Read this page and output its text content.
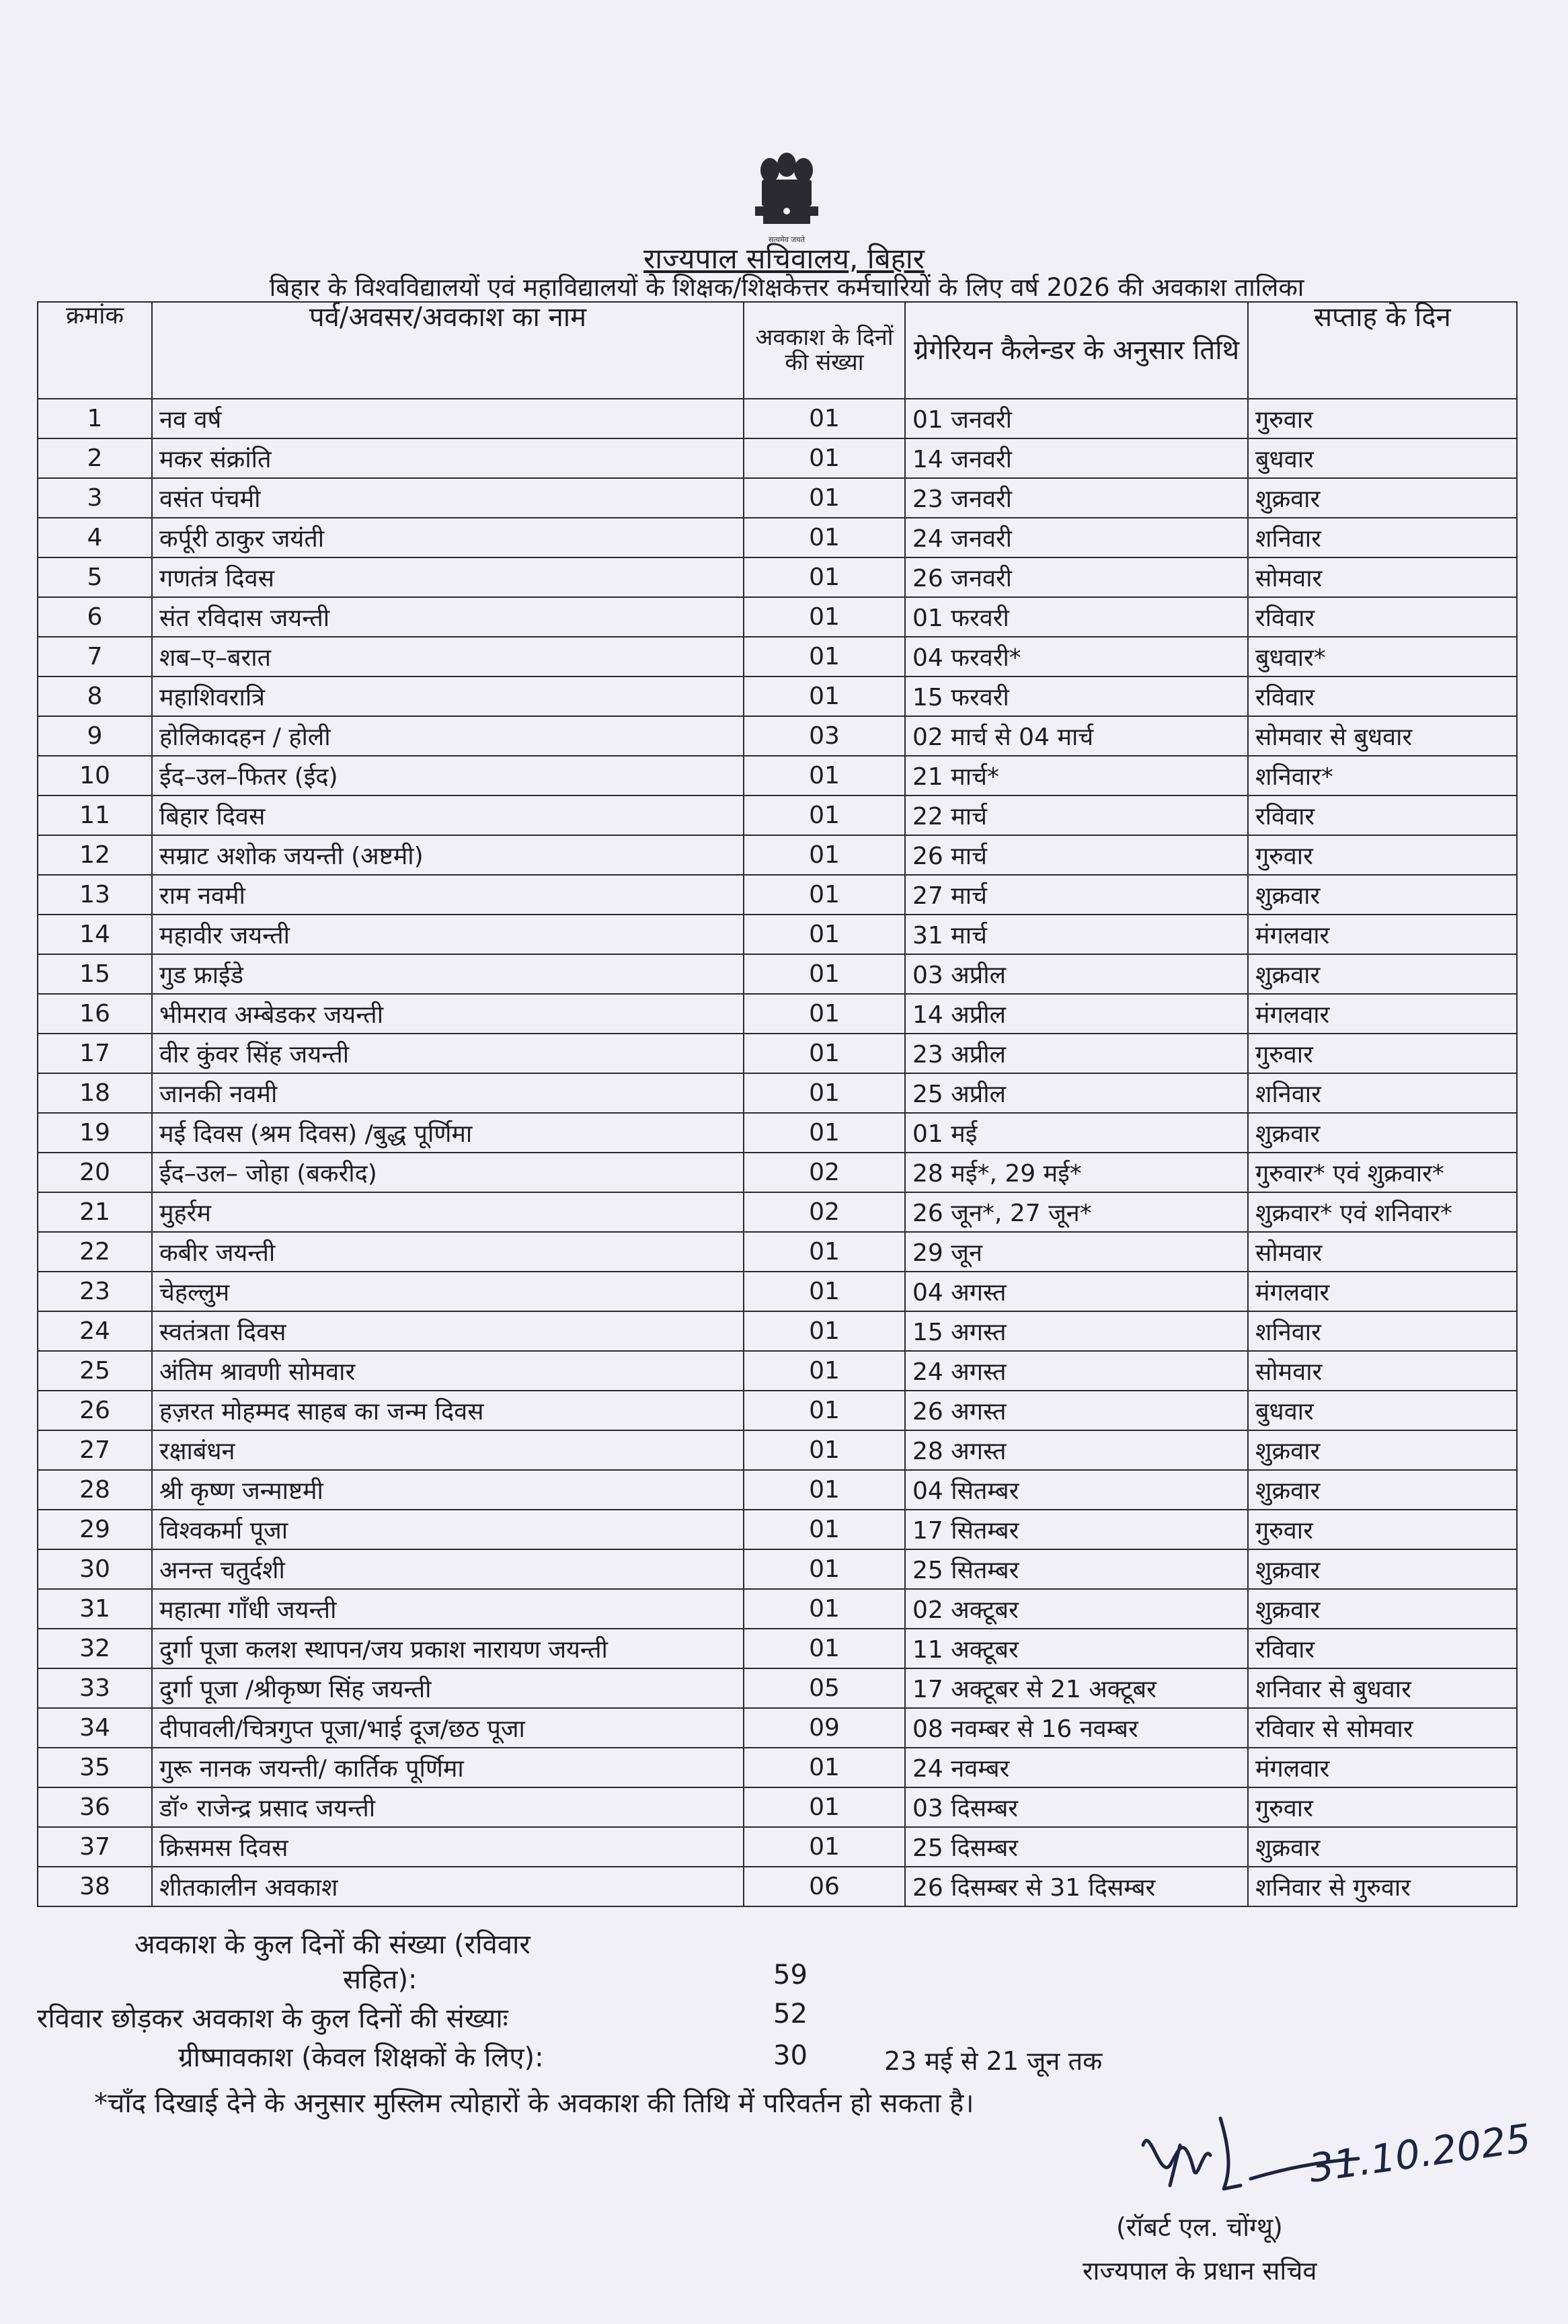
सत्यमेव जयते
राज्यपाल सचिवालय, बिहार
बिहार के विश्वविद्यालयों एवं महाविद्यालयों के शिक्षक/शिक्षकेत्तर कर्मचारियों के लिए वर्ष 2026 की अवकाश तालिका
क्रमांक	पर्व/अवसर/अवकाश का नाम	अवकाश के दिनों की संख्या	ग्रेगेरियन कैलेन्डर के अनुसार तिथि	सप्ताह के दिन
1	नव वर्ष	01	01 जनवरी	गुरुवार
2	मकर संक्रांति	01	14 जनवरी	बुधवार
3	वसंत पंचमी	01	23 जनवरी	शुक्रवार
4	कर्पूरी ठाकुर जयंती	01	24 जनवरी	शनिवार
5	गणतंत्र दिवस	01	26 जनवरी	सोमवार
6	संत रविदास जयन्ती	01	01 फरवरी	रविवार
7	शब–ए–बरात	01	04 फरवरी*	बुधवार*
8	महाशिवरात्रि	01	15 फरवरी	रविवार
9	होलिकादहन / होली	03	02 मार्च से 04 मार्च	सोमवार से बुधवार
10	ईद–उल–फितर (ईद)	01	21 मार्च*	शनिवार*
11	बिहार दिवस	01	22 मार्च	रविवार
12	सम्राट अशोक जयन्ती (अष्टमी)	01	26 मार्च	गुरुवार
13	राम नवमी	01	27 मार्च	शुक्रवार
14	महावीर जयन्ती	01	31 मार्च	मंगलवार
15	गुड फ्राईडे	01	03 अप्रील	शुक्रवार
16	भीमराव अम्बेडकर जयन्ती	01	14 अप्रील	मंगलवार
17	वीर कुंवर सिंह जयन्ती	01	23 अप्रील	गुरुवार
18	जानकी नवमी	01	25 अप्रील	शनिवार
19	मई दिवस (श्रम दिवस) /बुद्ध पूर्णिमा	01	01 मई	शुक्रवार
20	ईद–उल– जोहा (बकरीद)	02	28 मई*, 29 मई*	गुरुवार* एवं शुक्रवार*
21	मुहर्रम	02	26 जून*, 27 जून*	शुक्रवार* एवं शनिवार*
22	कबीर जयन्ती	01	29 जून	सोमवार
23	चेहल्लुम	01	04 अगस्त	मंगलवार
24	स्वतंत्रता दिवस	01	15 अगस्त	शनिवार
25	अंतिम श्रावणी सोमवार	01	24 अगस्त	सोमवार
26	हज़रत मोहम्मद साहब का जन्म दिवस	01	26 अगस्त	बुधवार
27	रक्षाबंधन	01	28 अगस्त	शुक्रवार
28	श्री कृष्ण जन्माष्टमी	01	04 सितम्बर	शुक्रवार
29	विश्वकर्मा पूजा	01	17 सितम्बर	गुरुवार
30	अनन्त चतुर्दशी	01	25 सितम्बर	शुक्रवार
31	महात्मा गाँधी जयन्ती	01	02 अक्टूबर	शुक्रवार
32	दुर्गा पूजा कलश स्थापन/जय प्रकाश नारायण जयन्ती	01	11 अक्टूबर	रविवार
33	दुर्गा पूजा /श्रीकृष्ण सिंह जयन्ती	05	17 अक्टूबर से 21 अक्टूबर	शनिवार से बुधवार
34	दीपावली/चित्रगुप्त पूजा/भाई दूज/छठ पूजा	09	08 नवम्बर से 16 नवम्बर	रविवार से सोमवार
35	गुरू नानक जयन्ती/ कार्तिक पूर्णिमा	01	24 नवम्बर	मंगलवार
36	डॉ॰ राजेन्द्र प्रसाद जयन्ती	01	03 दिसम्बर	गुरुवार
37	क्रिसमस दिवस	01	25 दिसम्बर	शुक्रवार
38	शीतकालीन अवकाश	06	26 दिसम्बर से 31 दिसम्बर	शनिवार से गुरुवार
अवकाश के कुल दिनों की संख्या (रविवार
सहित):	59
रविवार छोड़कर अवकाश के कुल दिनों की संख्याः	52
ग्रीष्मावकाश (केवल शिक्षकों के लिए):	30	23 मई से 21 जून तक
*चाँद दिखाई देने के अनुसार मुस्लिम त्योहारों के अवकाश की तिथि में परिवर्तन हो सकता है।
31.10.2025
(रॉबर्ट एल. चोंग्थू)
राज्यपाल के प्रधान सचिव
